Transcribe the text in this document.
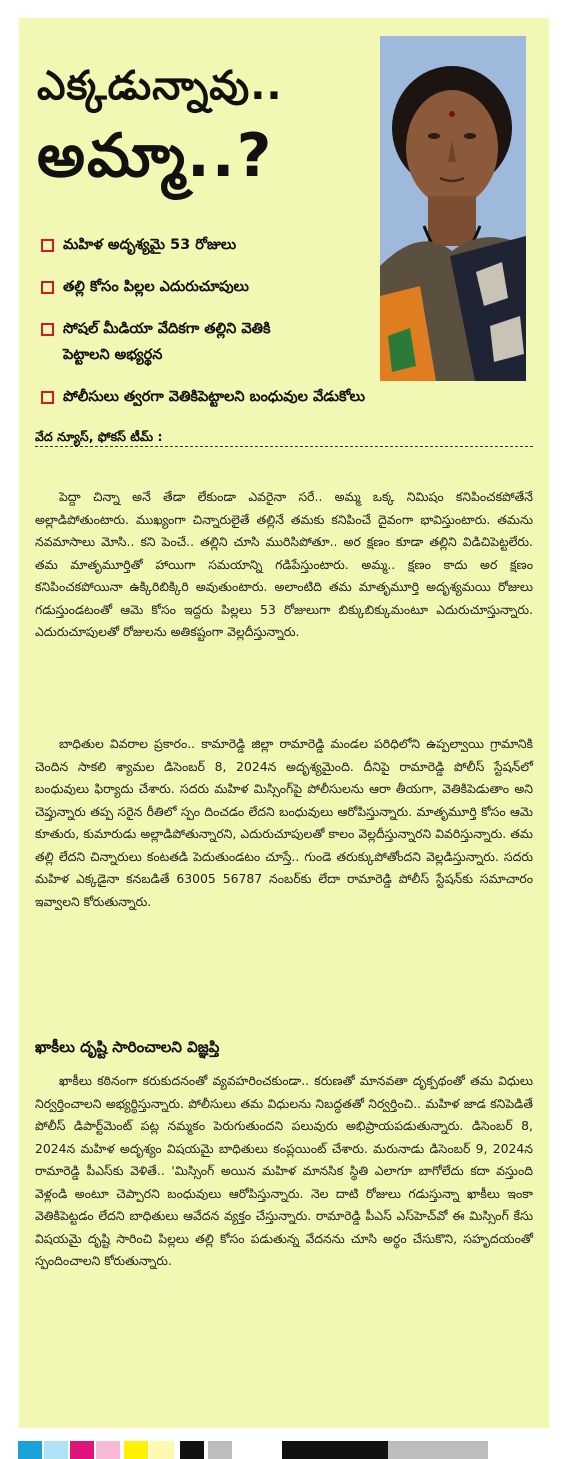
ఎక్కడున్నావు..
అమ్మా..?
మహిళ అదృశ్యమై 53 రోజులు
తల్లి కోసం పిల్లల ఎదురుచూపులు
సోషల్ మీడియా వేదికగా తల్లిని వెతికి పెట్టాలని అభ్యర్థన
పోలీసులు త్వరగా వెతికిపెట్టాలని బంధువుల వేడుకోలు
వేద న్యూస్, ఫోకస్ టీమ్ :

పెద్దా చిన్నా అనే తేడా లేకుండా ఎవరైనా సరే.. అమ్మ ఒక్క నిమిషం కనిపించకపోతేనే అల్లాడిపోతుంటారు. ముఖ్యంగా చిన్నారులైతే తల్లినే తమకు కనిపించే దైవంగా భావిస్తుంటారు. తమను నవమాసాలు మోసి.. కని పెంచే.. తల్లిని చూసి మురిసిపోతూ.. అర క్షణం కూడా తల్లిని విడిచిపెట్టలేరు. తమ మాతృమూర్తితో హాయిగా సమయాన్ని గడిపేస్తుంటారు. అమ్మ.. క్షణం కాదు అర క్షణం కనిపించకపోయినా ఉక్కిరిబిక్కిరి అవుతుంటారు. అలాంటిది తమ మాతృమూర్తి అదృశ్యమయి రోజులు గడుస్తుండటంతో ఆమె కోసం ఇద్దరు పిల్లలు 53 రోజులుగా బిక్కుబిక్కుమంటూ ఎదురుచూస్తున్నారు. ఎదురుచూపులతో రోజులను అతికష్టంగా వెల్లదీస్తున్నారు.

బాధితుల వివరాల ప్రకారం.. కామారెడ్డి జిల్లా రామారెడ్డి మండల పరిధిలోని ఉప్పల్వాయి గ్రామానికి చెందిన సాకలి శ్యామల డిసెంబర్ 8, 2024న అదృశ్యమైంది. దీనిపై రామారెడ్డి పోలీస్ స్టేషన్‌లో బంధువులు ఫిర్యాదు చేశారు. సదరు మహిళ మిస్సింగ్‌పై పోలీసులను ఆరా తీయగా, వెతికిపెడుతాం అని చెప్తున్నారు తప్ప సరైన రీతిలో స్పం దించడం లేదని బంధువులు ఆరోపిస్తున్నారు. మాతృమూర్తి కోసం ఆమె కూతురు, కుమారుడు అల్లాడిపోతున్నారని, ఎదురుచూపులతో కాలం వెల్లదీస్తున్నారని వివరిస్తున్నారు. తమ తల్లి లేదని చిన్నారులు కంటతడి పెదుతుండటం చూస్తే.. గుండె తరుక్కుపోతోందని వెల్లడిస్తున్నారు. సదరు మహిళ ఎక్కడైనా కనబడితే 63005 56787 నంబర్‌కు లేదా రామారెడ్డి పోలీస్ స్టేషన్‌కు సమాచారం ఇవ్వాలని కోరుతున్నారు.

ఖాకీలు దృష్టి సారించాలని విజ్ఞప్తి

ఖాకీలు కఠినంగా కరుకుదనంతో వ్యవహరించకుండా.. కరుణతో మానవతా దృక్పథంతో తమ విధులు నిర్వర్తించాలని అభ్యర్థిస్తున్నారు. పోలీసులు తమ విధులను నిబద్ధతతో నిర్వర్తించి.. మహిళ జాడ కనిపెడితే పోలీస్ డిపార్ట్‌మెంట్ పట్ల నమ్మకం పెరుగుతుందని పలువురు అభిప్రాయపడుతున్నారు. డిసెంబర్ 8, 2024న మహిళ అదృశ్యం విషయమై బాధితులు కంప్లయింట్ చేశారు. మరునాడు డిసెంబర్ 9, 2024న రామారెడ్డి పీఎస్‌కు వెళితే.. 'మిస్సింగ్ అయిన మహిళ మానసిక స్థితి ఎలాగూ బాగోలేదు కదా వస్తుంది వెళ్లండి అంటూ చెప్పారని బంధువులు ఆరోపిస్తున్నారు. నెల దాటి రోజులు గడుస్తున్నా ఖాకీలు ఇంకా వెతికిపెట్టడం లేదని బాధితులు ఆవేదన వ్యక్తం చేస్తున్నారు. రామారెడ్డి పీఎస్ ఎస్‌హెచ్‌వో ఈ మిస్సింగ్ కేసు విషయమై దృష్టి సారించి పిల్లలు తల్లి కోసం పడుతున్న వేదనను చూసి అర్థం చేసుకొని, సహృదయంతో స్పందించాలని కోరుతున్నారు.
